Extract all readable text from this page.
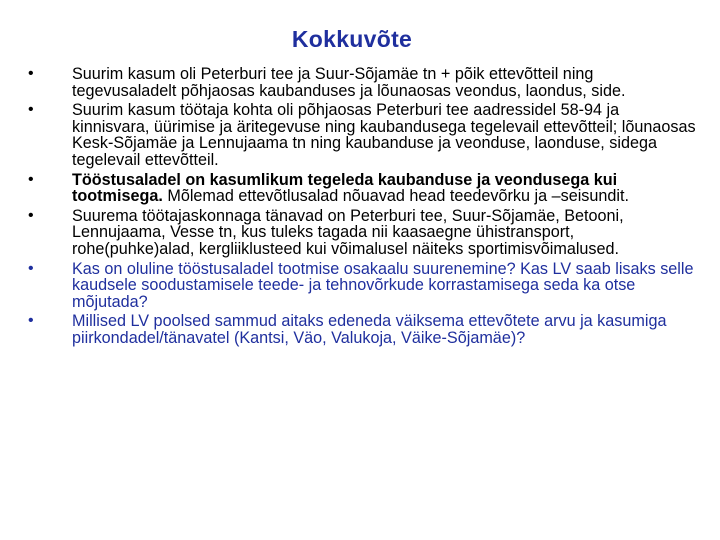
Kokkuvõte
• Suurim kasum oli Peterburi tee ja Suur-Sõjamäe tn + põik ettevõtteil ning tegevusaladelt põhjaosas kaubanduses ja lõunaosas veondus, laondus, side.
• Suurim kasum töötaja kohta oli põhjaosas Peterburi tee aadressidel 58-94 ja kinnisvara, üürimise ja äritegevuse ning kaubandusega tegelevail ettevõtteil; lõunaosas Kesk-Sõjamäe ja Lennujaama tn ning kaubanduse ja veonduse, laonduse, sidega tegelevail ettevõtteil.
• Tööstusaladel on kasumlikum tegeleda kaubanduse ja veondusega kui tootmisega. Mõlemad ettevõtlusalad nõuavad head teedevõrku ja –seisundit.
• Suurema töötajaskonnaga tänavad on Peterburi tee, Suur-Sõjamäe, Betooni, Lennujaama, Vesse tn, kus tuleks tagada nii kaasaegne ühistransport, rohe(puhke)alad, kergliiklusteed kui võimalusel näiteks sportimisvõimalused.
• Kas on oluline tööstusaladel tootmise osakaalu suurenemine? Kas LV saab lisaks selle kaudsele soodustamisele teede- ja tehnovõrkude korrastamisega seda ka otse mõjutada?
• Millised LV poolsed sammud aitaks edeneda väiksema ettevõtete arvu ja kasumiga piirkondadel/tänavatel (Kantsi, Väo, Valukoja, Väike-Sõjamäe)?
